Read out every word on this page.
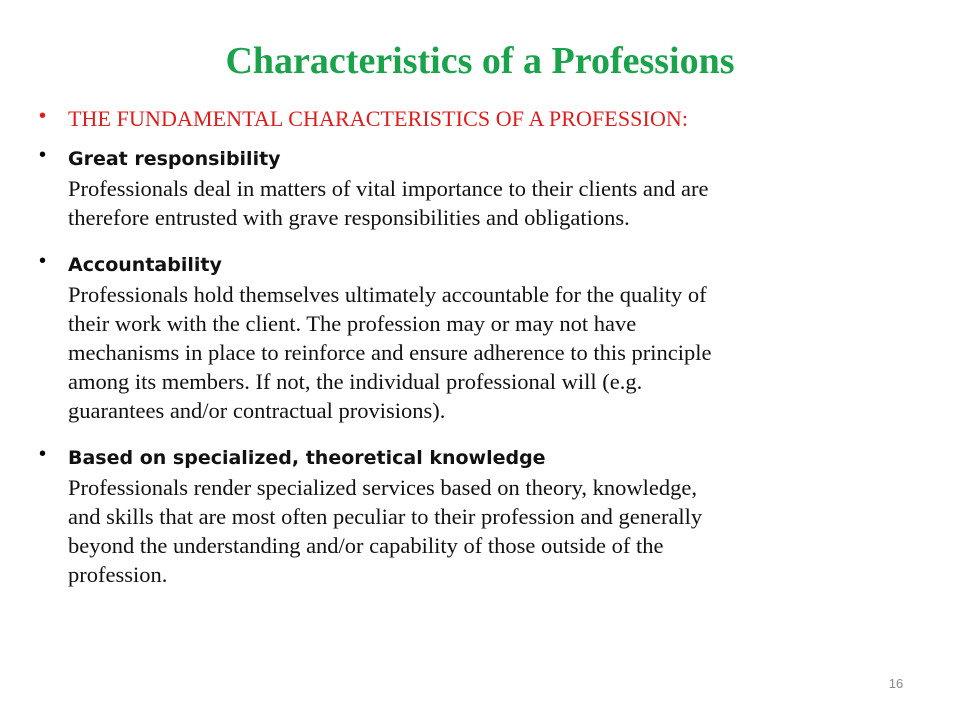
Characteristics of a Professions
• THE FUNDAMENTAL CHARACTERISTICS OF A PROFESSION:
• Great responsibility
Professionals deal in matters of vital importance to their clients and are
therefore entrusted with grave responsibilities and obligations.
• Accountability
Professionals hold themselves ultimately accountable for the quality of
their work with the client. The profession may or may not have
mechanisms in place to reinforce and ensure adherence to this principle
among its members. If not, the individual professional will (e.g.
guarantees and/or contractual provisions).
• Based on specialized, theoretical knowledge
Professionals render specialized services based on theory, knowledge,
and skills that are most often peculiar to their profession and generally
beyond the understanding and/or capability of those outside of the
profession.
16
